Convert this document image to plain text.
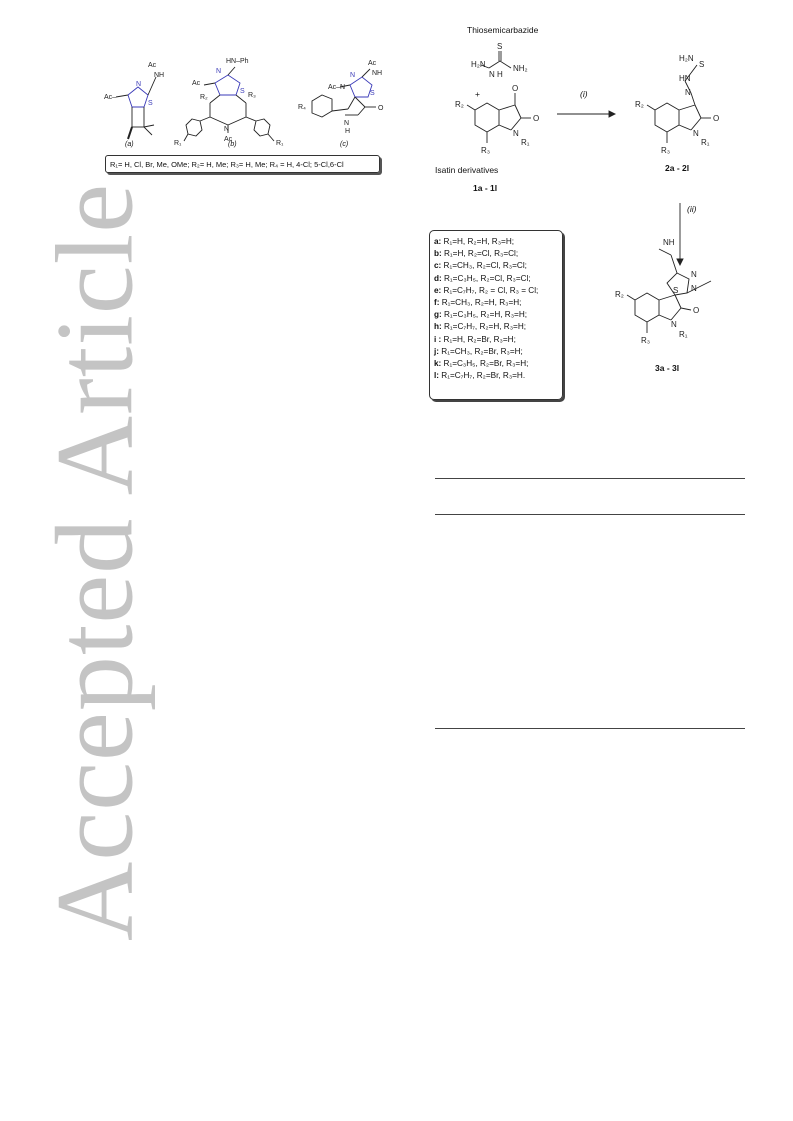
Accepted Article
Ac
NH
N
S
Ac–
HN–Ph
N
Ac
S
R₂	R₃
N
Ac
R₁	R₁
Ac
NH
N
Ac–N
S
O
N
H
R₄
(a)	(b)	(c)
R₁= H, Cl, Br, Me, OMe; R₂= H, Me; R₃= H, Me; R₄ = H, 4-Cl; 5-Cl,6-Cl
Thiosemicarbazide
S
H₂N
N H
NH₂
O
O
R₂
N
R₁
R₃
H₂N
S
HN
N
O
R₂
N
R₁
R₃
NH
N
S N
O
R₂
N
R₁
R₃
+	(i)
(ii)
Isatin derivatives
1a - 1l
2a - 2l
3a - 3l
a: R₁=H, R₂=H, R₃=H;
b: R₁=H, R₂=Cl, R₃=Cl;
c: R₁=CH₃, R₂=Cl, R₃=Cl;
d: R₁=C₃H₅, R₂=Cl, R₃=Cl;
e: R₁=C₇H₇, R₂ = Cl, R₃ = Cl;
f: R₁=CH₃, R₂=H, R₃=H;
g: R₁=C₃H₅, R₂=H, R₃=H;
h: R₁=C₇H₇, R₂=H, R₃=H;
i : R₁=H, R₂=Br, R₃=H;
j: R₁=CH₃, R₂=Br, R₃=H;
k: R₁=C₃H₅, R₂=Br, R₃=H;
l: R₁=C₇H₇, R₂=Br, R₃=H.
